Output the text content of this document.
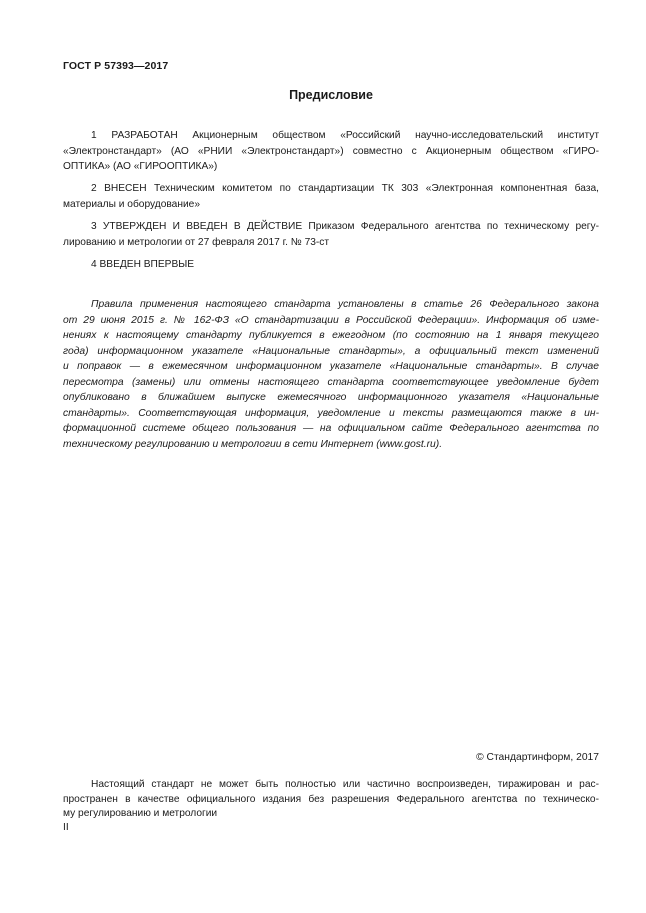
ГОСТ Р 57393—2017
Предисловие
1 РАЗРАБОТАН Акционерным обществом «Российский научно-исследовательский институт
«Электронстандарт» (АО «РНИИ «Электронстандарт») совместно с Акционерным обществом «ГИРО-
ОПТИКА» (АО «ГИРООПТИКА»)
2 ВНЕСЕН Техническим комитетом по стандартизации ТК 303 «Электронная компонентная база,
материалы и оборудование»
3 УТВЕРЖДЕН И ВВЕДЕН В ДЕЙСТВИЕ Приказом Федерального агентства по техническому регу-
лированию и метрологии от 27 февраля 2017 г. № 73-ст
4 ВВЕДЕН ВПЕРВЫЕ
Правила применения настоящего стандарта установлены в статье 26 Федерального закона
от 29 июня 2015 г. № 162-ФЗ «О стандартизации в Российской Федерации». Информация об изме-
нениях к настоящему стандарту публикуется в ежегодном (по состоянию на 1 января текущего
года) информационном указателе «Национальные стандарты», а официальный текст изменений
и поправок — в ежемесячном информационном указателе «Национальные стандарты». В случае
пересмотра (замены) или отмены настоящего стандарта соответствующее уведомление будет
опубликовано в ближайшем выпуске ежемесячного информационного указателя «Национальные
стандарты». Соответствующая информация, уведомление и тексты размещаются также в ин-
формационной системе общего пользования — на официальном сайте Федерального агентства по
техническому регулированию и метрологии в сети Интернет (www.gost.ru).
© Стандартинформ, 2017
Настоящий стандарт не может быть полностью или частично воспроизведен, тиражирован и рас-
пространен в качестве официального издания без разрешения Федерального агентства по техническо-
му регулированию и метрологии
II
